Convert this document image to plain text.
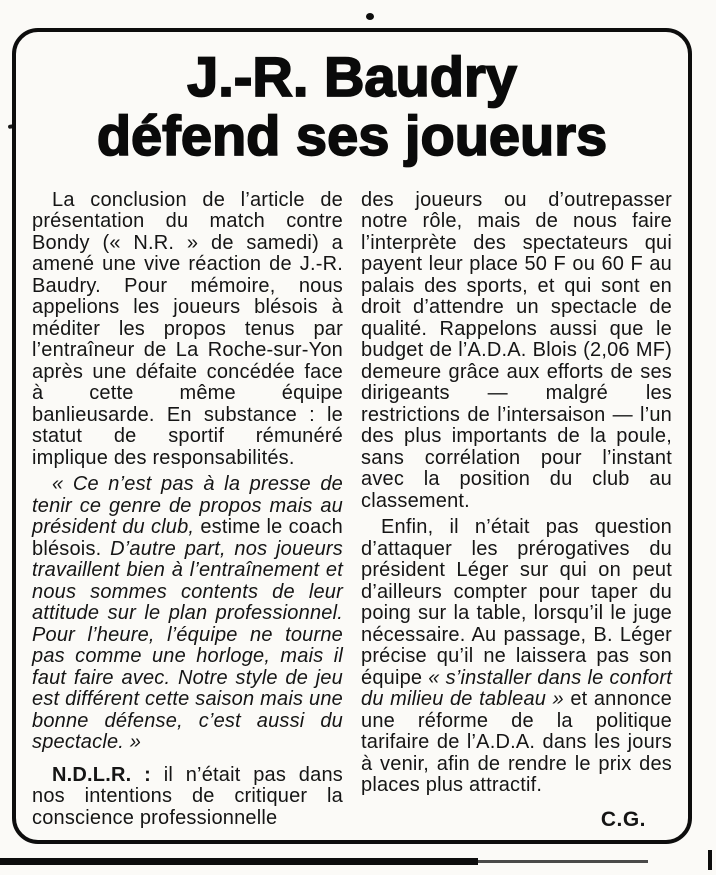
J.-R. Baudry
défend ses joueurs

La conclusion de l’article de présentation du match contre Bondy (« N.R. » de samedi) a amené une vive réaction de J.-R. Baudry. Pour mémoire, nous appelions les joueurs blésois à méditer les propos tenus par l’entraîneur de La Roche-sur-Yon après une défaite concédée face à cette même équipe banlieusarde. En substance : le statut de sportif rémunéré implique des responsabilités.

« Ce n’est pas à la presse de tenir ce genre de propos mais au président du club, estime le coach blésois. D’autre part, nos joueurs travaillent bien à l’entraînement et nous sommes contents de leur attitude sur le plan professionnel. Pour l’heure, l’équipe ne tourne pas comme une horloge, mais il faut faire avec. Notre style de jeu est différent cette saison mais une bonne défense, c’est aussi du spectacle. »

N.D.L.R. : il n’était pas dans nos intentions de critiquer la conscience professionnelle

des joueurs ou d’outrepasser notre rôle, mais de nous faire l’interprète des spectateurs qui payent leur place 50 F ou 60 F au palais des sports, et qui sont en droit d’attendre un spectacle de qualité. Rappelons aussi que le budget de l’A.D.A. Blois (2,06 MF) demeure grâce aux efforts de ses dirigeants — malgré les restrictions de l’intersaison — l’un des plus importants de la poule, sans corrélation pour l’instant avec la position du club au classement.

Enfin, il n’était pas question d’attaquer les prérogatives du président Léger sur qui on peut d’ailleurs compter pour taper du poing sur la table, lorsqu’il le juge nécessaire. Au passage, B. Léger précise qu’il ne laissera pas son équipe « s’installer dans le confort du milieu de tableau » et annonce une réforme de la politique tarifaire de l’A.D.A. dans les jours à venir, afin de rendre le prix des places plus attractif.

C.G.
